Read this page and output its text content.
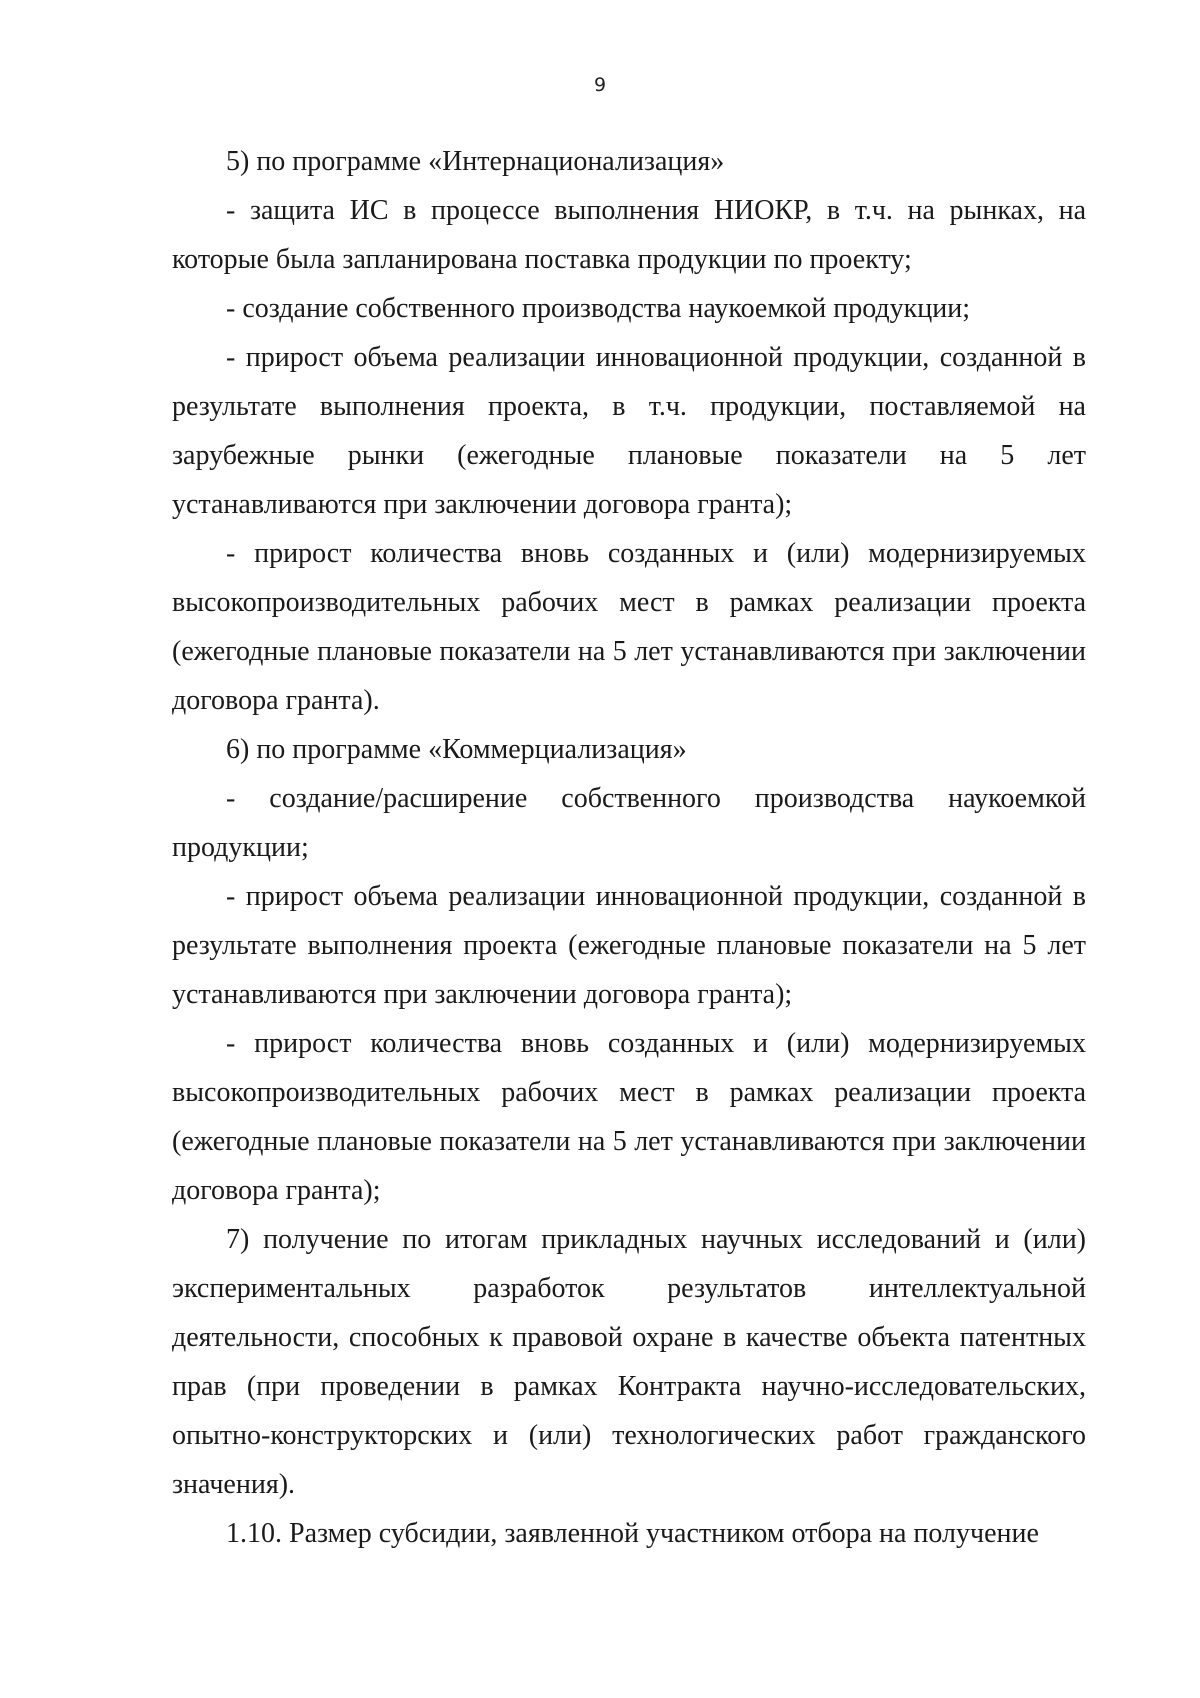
9

5) по программе «Интернационализация»

- защита ИС в процессе выполнения НИОКР, в т.ч. на рынках, на которые была запланирована поставка продукции по проекту;

- создание собственного производства наукоемкой продукции;

- прирост объема реализации инновационной продукции, созданной в результате выполнения проекта, в т.ч. продукции, поставляемой на зарубежные рынки (ежегодные плановые показатели на 5 лет устанавливаются при заключении договора гранта);

- прирост количества вновь созданных и (или) модернизируемых высокопроизводительных рабочих мест в рамках реализации проекта (ежегодные плановые показатели на 5 лет устанавливаются при заключении договора гранта).

6) по программе «Коммерциализация»

- создание/расширение собственного производства наукоемкой продукции;

- прирост объема реализации инновационной продукции, созданной в результате выполнения проекта (ежегодные плановые показатели на 5 лет устанавливаются при заключении договора гранта);

- прирост количества вновь созданных и (или) модернизируемых высокопроизводительных рабочих мест в рамках реализации проекта (ежегодные плановые показатели на 5 лет устанавливаются при заключении договора гранта);

7) получение по итогам прикладных научных исследований и (или) экспериментальных разработок результатов интеллектуальной деятельности, способных к правовой охране в качестве объекта патентных прав (при проведении в рамках Контракта научно-исследовательских, опытно-конструкторских и (или) технологических работ гражданского значения).

1.10. Размер субсидии, заявленной участником отбора на получение
